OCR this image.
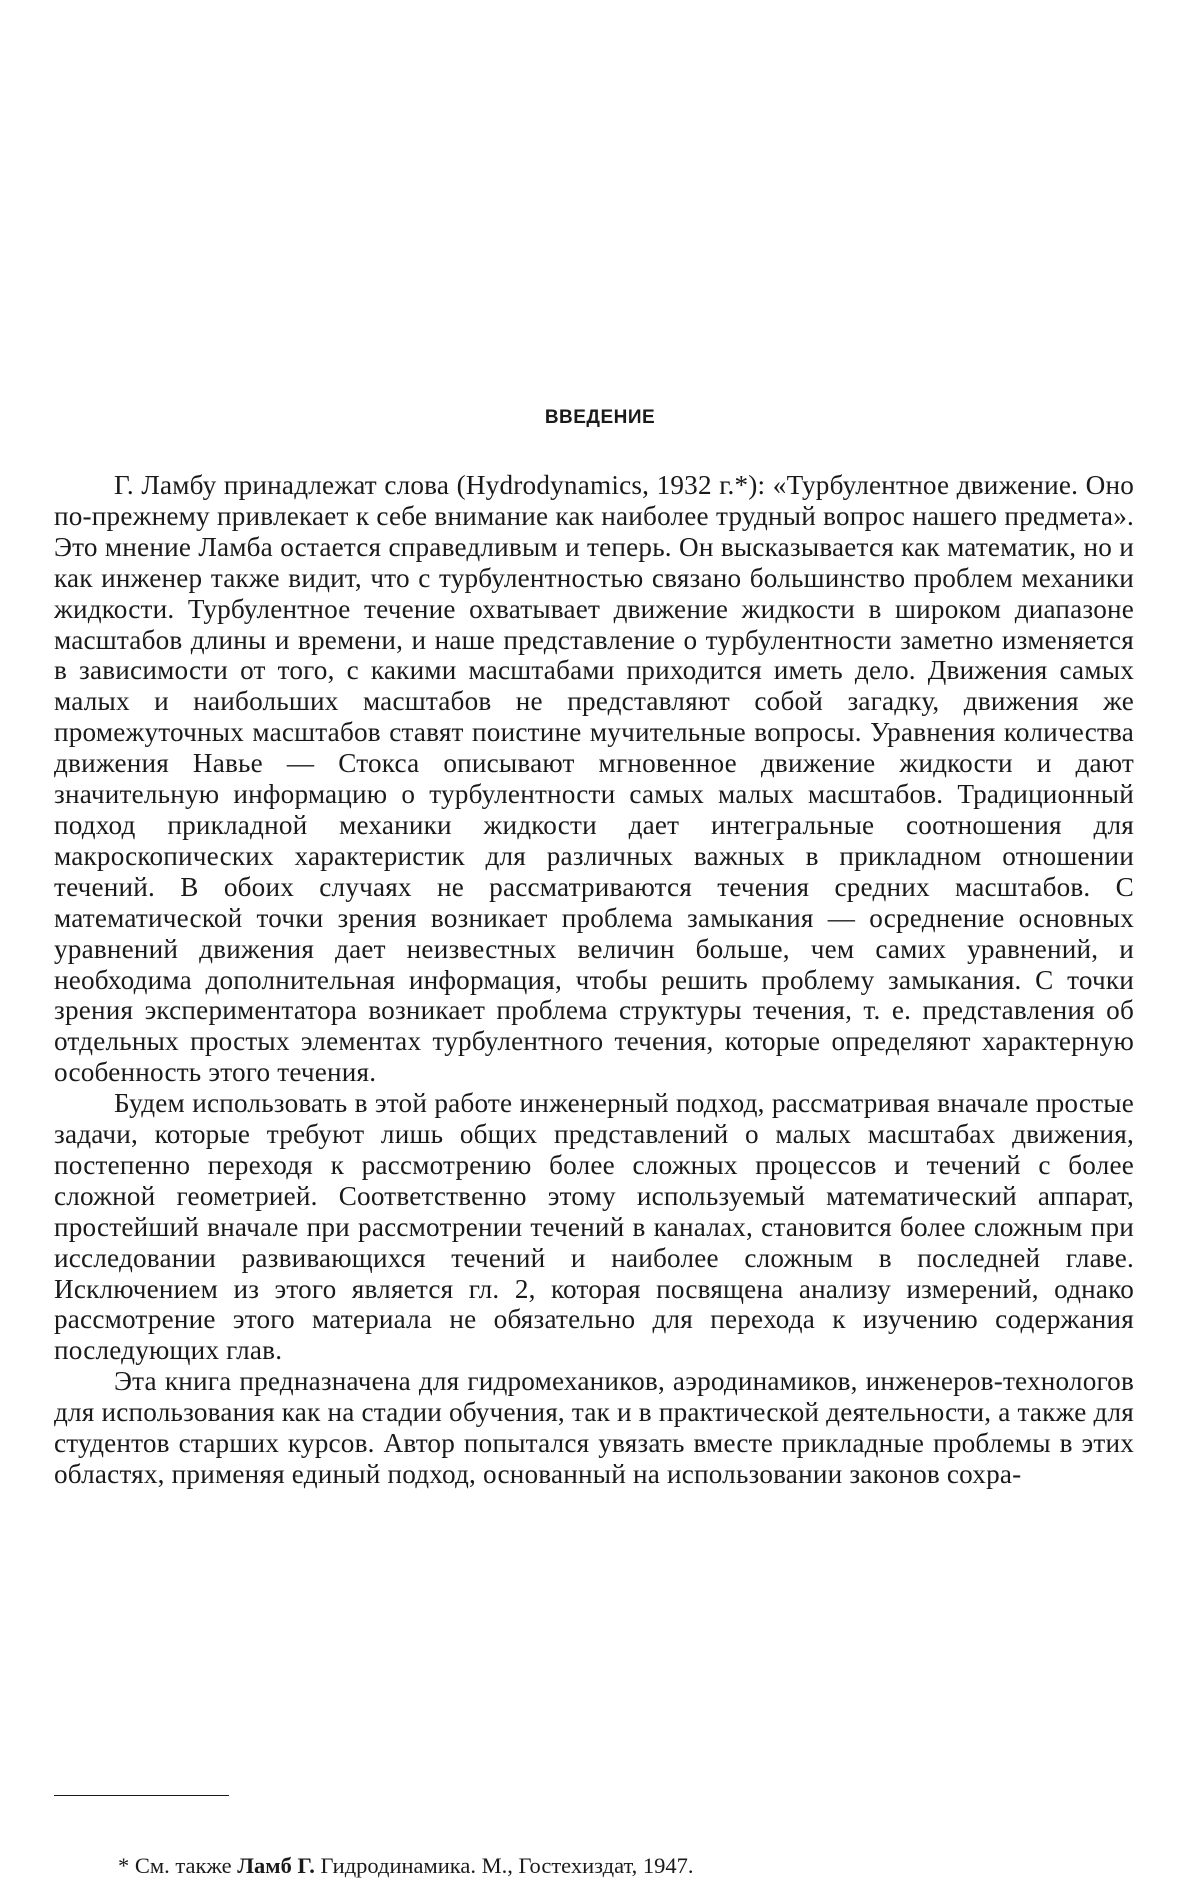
ВВЕДЕНИЕ

Г. Ламбу принадлежат слова (Hydrodynamics, 1932 г.*): «Турбулентное движение. Оно по-прежнему привлекает к себе внимание как наиболее трудный вопрос нашего предмета». Это мнение Ламба остается справедливым и теперь. Он высказывается как математик, но и как инженер также видит, что с турбулентностью связано большинство проблем механики жидкости. Турбулентное течение охватывает движение жидкости в широком диапазоне масштабов длины и времени, и наше представление о турбулентности заметно изменяется в зависимости от того, с какими масштабами приходится иметь дело. Движения самых малых и наибольших масштабов не представляют собой загадку, движения же промежуточных масштабов ставят поистине мучительные вопросы. Уравнения количества движения Навье — Стокса описывают мгновенное движение жидкости и дают значительную информацию о турбулентности самых малых масштабов. Традиционный подход прикладной механики жидкости дает интегральные соотношения для макроскопических характеристик для различных важных в прикладном отношении течений. В обоих случаях не рассматриваются течения средних масштабов. С математической точки зрения возникает проблема замыкания — осреднение основных уравнений движения дает неизвестных величин больше, чем самих уравнений, и необходима дополнительная информация, чтобы решить проблему замыкания. С точки зрения экспериментатора возникает проблема структуры течения, т. е. представления об отдельных простых элементах турбулентного течения, которые определяют характерную особенность этого течения.

Будем использовать в этой работе инженерный подход, рассматривая вначале простые задачи, которые требуют лишь общих представлений о малых масштабах движения, постепенно переходя к рассмотрению более сложных процессов и течений с более сложной геометрией. Соответственно этому используемый математический аппарат, простейший вначале при рассмотрении течений в каналах, становится более сложным при исследовании развивающихся течений и наиболее сложным в последней главе. Исключением из этого является гл. 2, которая посвящена анализу измерений, однако рассмотрение этого материала не обязательно для перехода к изучению содержания последующих глав.

Эта книга предназначена для гидромехаников, аэродинамиков, инженеров-технологов для использования как на стадии обучения, так и в практической деятельности, а также для студентов старших курсов. Автор попытался увязать вместе прикладные проблемы в этих областях, применяя единый подход, основанный на использовании законов сохра-

* См. также Ламб Г. Гидродинамика. М., Гостехиздат, 1947.
